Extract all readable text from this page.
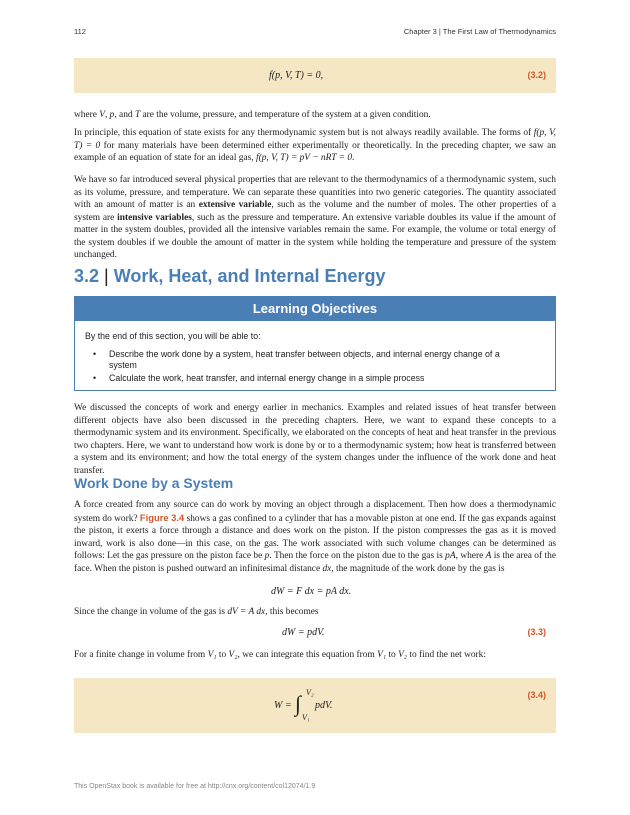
112	Chapter 3 | The First Law of Thermodynamics
f(p, V, T) = 0,	(3.2)

where V, p, and T are the volume, pressure, and temperature of the system at a given condition.

In principle, this equation of state exists for any thermodynamic system but is not always readily available. The forms of f(p, V, T) = 0 for many materials have been determined either experimentally or theoretically. In the preceding chapter, we saw an example of an equation of state for an ideal gas, f(p, V, T) = pV − nRT = 0.

We have so far introduced several physical properties that are relevant to the thermodynamics of a thermodynamic system, such as its volume, pressure, and temperature. We can separate these quantities into two generic categories. The quantity associated with an amount of matter is an extensive variable, such as the volume and the number of moles. The other properties of a system are intensive variables, such as the pressure and temperature. An extensive variable doubles its value if the amount of matter in the system doubles, provided all the intensive variables remain the same. For example, the volume or total energy of the system doubles if we double the amount of matter in the system while holding the temperature and pressure of the system unchanged.

3.2 | Work, Heat, and Internal Energy
Learning Objectives
By the end of this section, you will be able to:
• Describe the work done by a system, heat transfer between objects, and internal energy change of a system
• Calculate the work, heat transfer, and internal energy change in a simple process

We discussed the concepts of work and energy earlier in mechanics. Examples and related issues of heat transfer between different objects have also been discussed in the preceding chapters. Here, we want to expand these concepts to a thermodynamic system and its environment. Specifically, we elaborated on the concepts of heat and heat transfer in the previous two chapters. Here, we want to understand how work is done by or to a thermodynamic system; how heat is transferred between a system and its environment; and how the total energy of the system changes under the influence of the work done and heat transfer.

Work Done by a System

A force created from any source can do work by moving an object through a displacement. Then how does a thermodynamic system do work? Figure 3.4 shows a gas confined to a cylinder that has a movable piston at one end. If the gas expands against the piston, it exerts a force through a distance and does work on the piston. If the piston compresses the gas as it is moved inward, work is also done—in this case, on the gas. The work associated with such volume changes can be determined as follows: Let the gas pressure on the piston face be p. Then the force on the piston due to the gas is pA, where A is the area of the face. When the piston is pushed outward an infinitesimal distance dx, the magnitude of the work done by the gas is

dW = F dx = pA dx.

Since the change in volume of the gas is dV = A dx, this becomes

dW = pdV.	(3.3)

For a finite change in volume from V₁ to V₂, we can integrate this equation from V₁ to V₂ to find the net work:

(3.4)
W = ∫ V₂
V₁
pdV.
This OpenStax book is available for free at http://cnx.org/content/col12074/1.9
